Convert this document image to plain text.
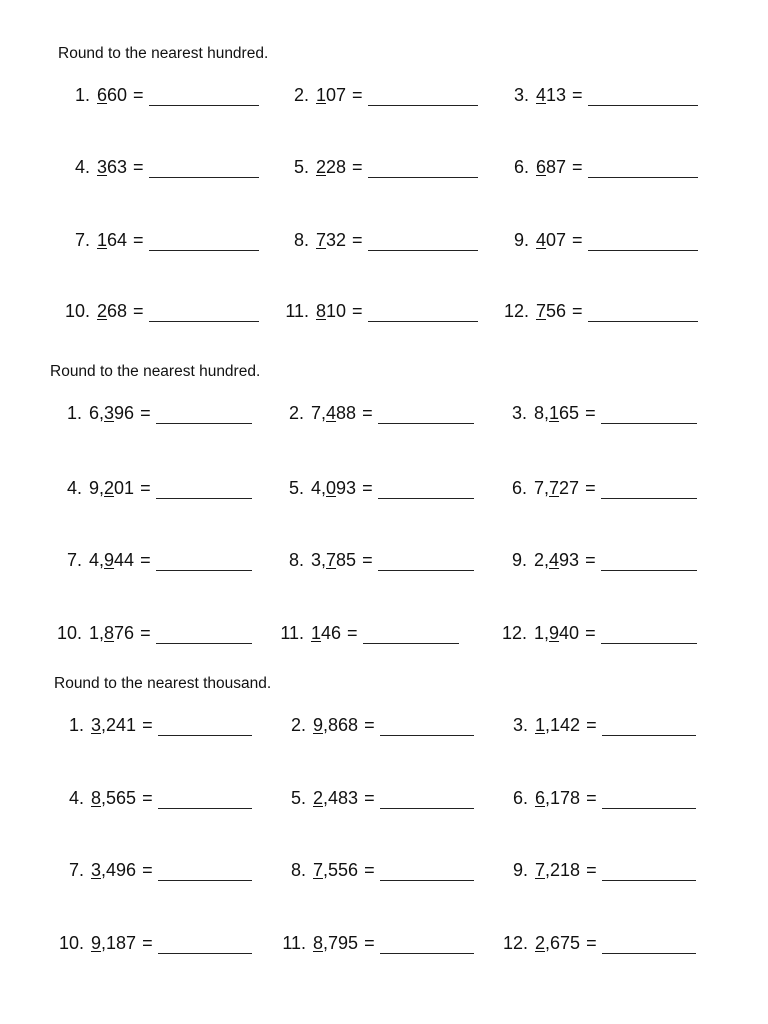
Round to the nearest hundred.
1. 660 =	2. 107 =	3. 413 =
4. 363 =	5. 228 =	6. 687 =
7. 164 =	8. 732 =	9. 407 =
10. 268 =	11. 810 =	12. 756 =
Round to the nearest hundred.
1. 6,396 =	2. 7,488 =	3. 8,165 =
4. 9,201 =	5. 4,093 =	6. 7,727 =
7. 4,944 =	8. 3,785 =	9. 2,493 =
10. 1,876 =	11. 146 =	12. 1,940 =
Round to the nearest thousand.
1. 3,241 =	2. 9,868 =	3. 1,142 =
4. 8,565 =	5. 2,483 =	6. 6,178 =
7. 3,496 =	8. 7,556 =	9. 7,218 =
10. 9,187 =	11. 8,795 =	12. 2,675 =
